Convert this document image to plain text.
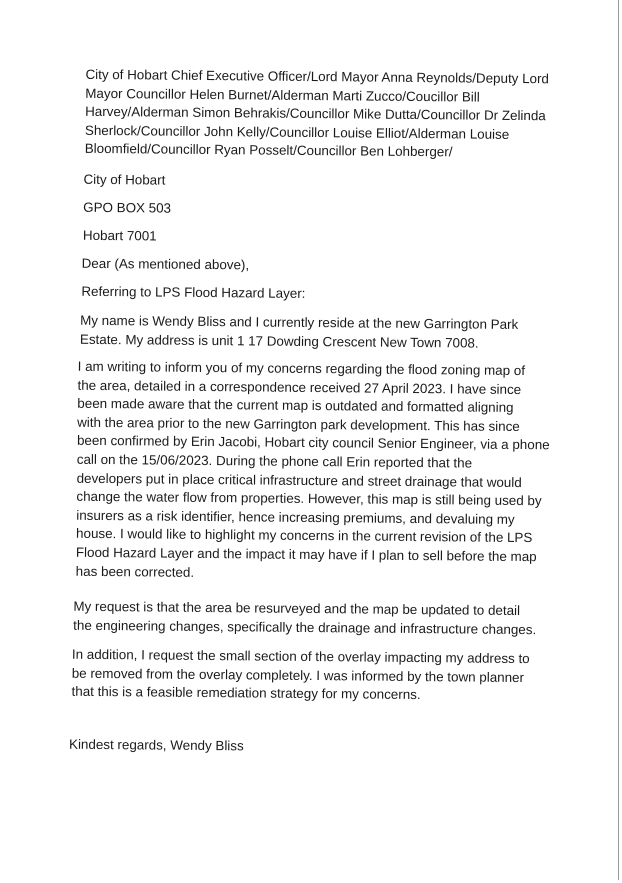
City of Hobart Chief Executive Officer/Lord Mayor Anna Reynolds/Deputy Lord
Mayor Councillor Helen Burnet/Alderman Marti Zucco/Coucillor Bill
Harvey/Alderman Simon Behrakis/Councillor Mike Dutta/Councillor Dr Zelinda
Sherlock/Councillor John Kelly/Councillor Louise Elliot/Alderman Louise
Bloomfield/Councillor Ryan Posselt/Councillor Ben Lohberger/

City of Hobart

GPO BOX 503

Hobart 7001

Dear (As mentioned above),

Referring to LPS Flood Hazard Layer:

My name is Wendy Bliss and I currently reside at the new Garrington Park
Estate. My address is unit 1 17 Dowding Crescent New Town 7008.

I am writing to inform you of my concerns regarding the flood zoning map of
the area, detailed in a correspondence received 27 April 2023. I have since
been made aware that the current map is outdated and formatted aligning
with the area prior to the new Garrington park development. This has since
been confirmed by Erin Jacobi, Hobart city council Senior Engineer, via a phone
call on the 15/06/2023. During the phone call Erin reported that the
developers put in place critical infrastructure and street drainage that would
change the water flow from properties. However, this map is still being used by
insurers as a risk identifier, hence increasing premiums, and devaluing my
house. I would like to highlight my concerns in the current revision of the LPS
Flood Hazard Layer and the impact it may have if I plan to sell before the map
has been corrected.

My request is that the area be resurveyed and the map be updated to detail
the engineering changes, specifically the drainage and infrastructure changes.

In addition, I request the small section of the overlay impacting my address to
be removed from the overlay completely. I was informed by the town planner
that this is a feasible remediation strategy for my concerns.

Kindest regards, Wendy Bliss
